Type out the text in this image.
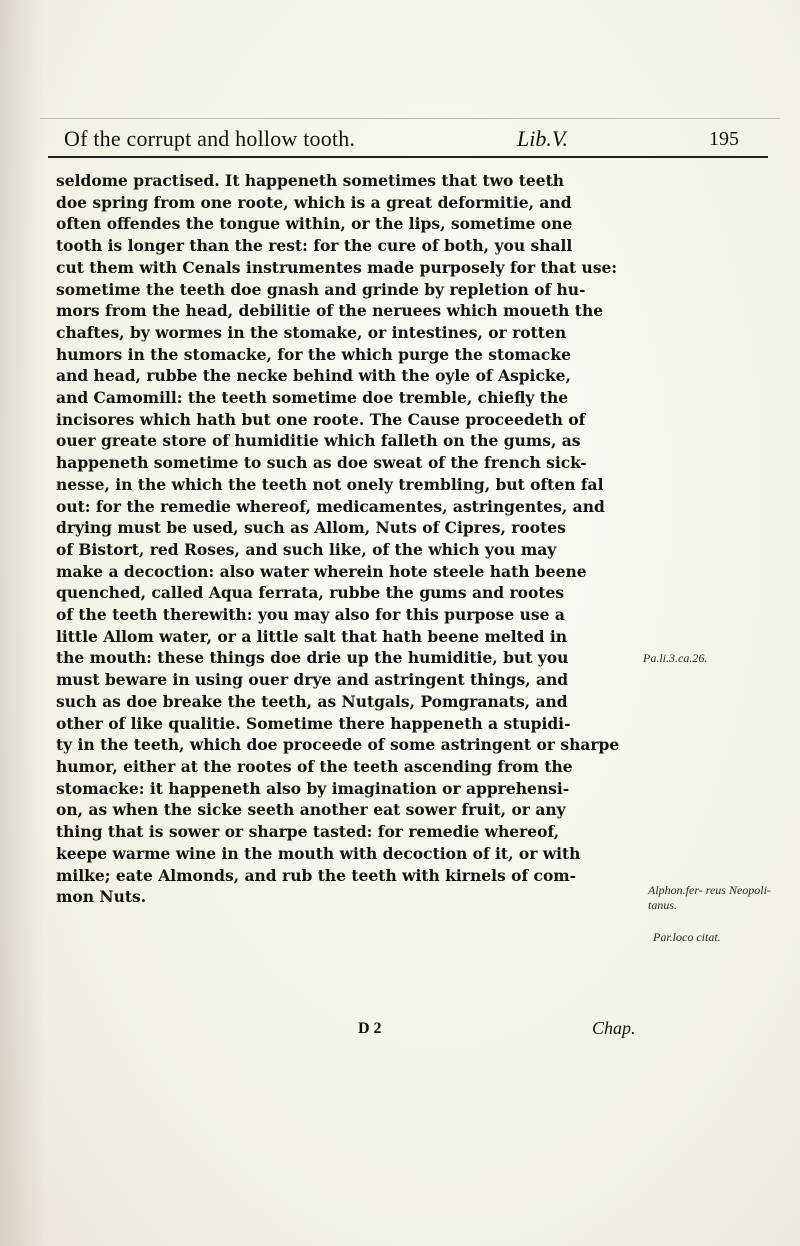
Of the corrupt and hollow tooth.	Lib.V.	195

seldome practised. It happeneth sometimes that two teeth

doe spring from one roote, which is a great deformitie, and

often offendes the tongue within, or the lips, sometime one

tooth is longer than the rest: for the cure of both, you shall

cut them with Cenals instrumentes made purposely for that use:

sometime the teeth doe gnash and grinde by repletion of hu-

mors from the head, debilitie of the neruees which moueth the

chaftes, by wormes in the stomake, or intestines, or rotten

humors in the stomacke, for the which purge the stomacke

and head, rubbe the necke behind with the oyle of Aspicke,

and Camomill: the teeth sometime doe tremble, chiefly the

incisores which hath but one roote. The Cause proceedeth of

ouer greate store of humiditie which falleth on the gums, as

happeneth sometime to such as doe sweat of the french sick-

nesse, in the which the teeth not onely trembling, but often fal

out: for the remedie whereof, medicamentes, astringentes, and

drying must be used, such as Allom, Nuts of Cipres, rootes

of Bistort, red Roses, and such like, of the which you may

make a decoction: also water wherein hote steele hath beene

quenched, called Aqua ferrata, rubbe the gums and rootes

of the teeth therewith: you may also for this purpose use a

little Allom water, or a little salt that hath beene melted in

the mouth: these things doe drie up the humiditie, but you

must beware in using ouer drye and astringent things, and

such as doe breake the teeth, as Nutgals, Pomgranats, and

other of like qualitie. Sometime there happeneth a stupidi-

ty in the teeth, which doe proceede of some astringent or sharpe

humor, either at the rootes of the teeth ascending from the

stomacke: it happeneth also by imagination or apprehensi-

on, as when the sicke seeth another eat sower fruit, or any

thing that is sower or sharpe tasted: for remedie whereof,

keepe warme wine in the mouth with decoction of it, or with

milke; eate Almonds, and rub the teeth with kirnels of com-

mon Nuts.

Pa.li.3.ca.26.
Alphon.fer- reus Neopoli- tanus.
Par.loco citat.
D 2	Chap.
